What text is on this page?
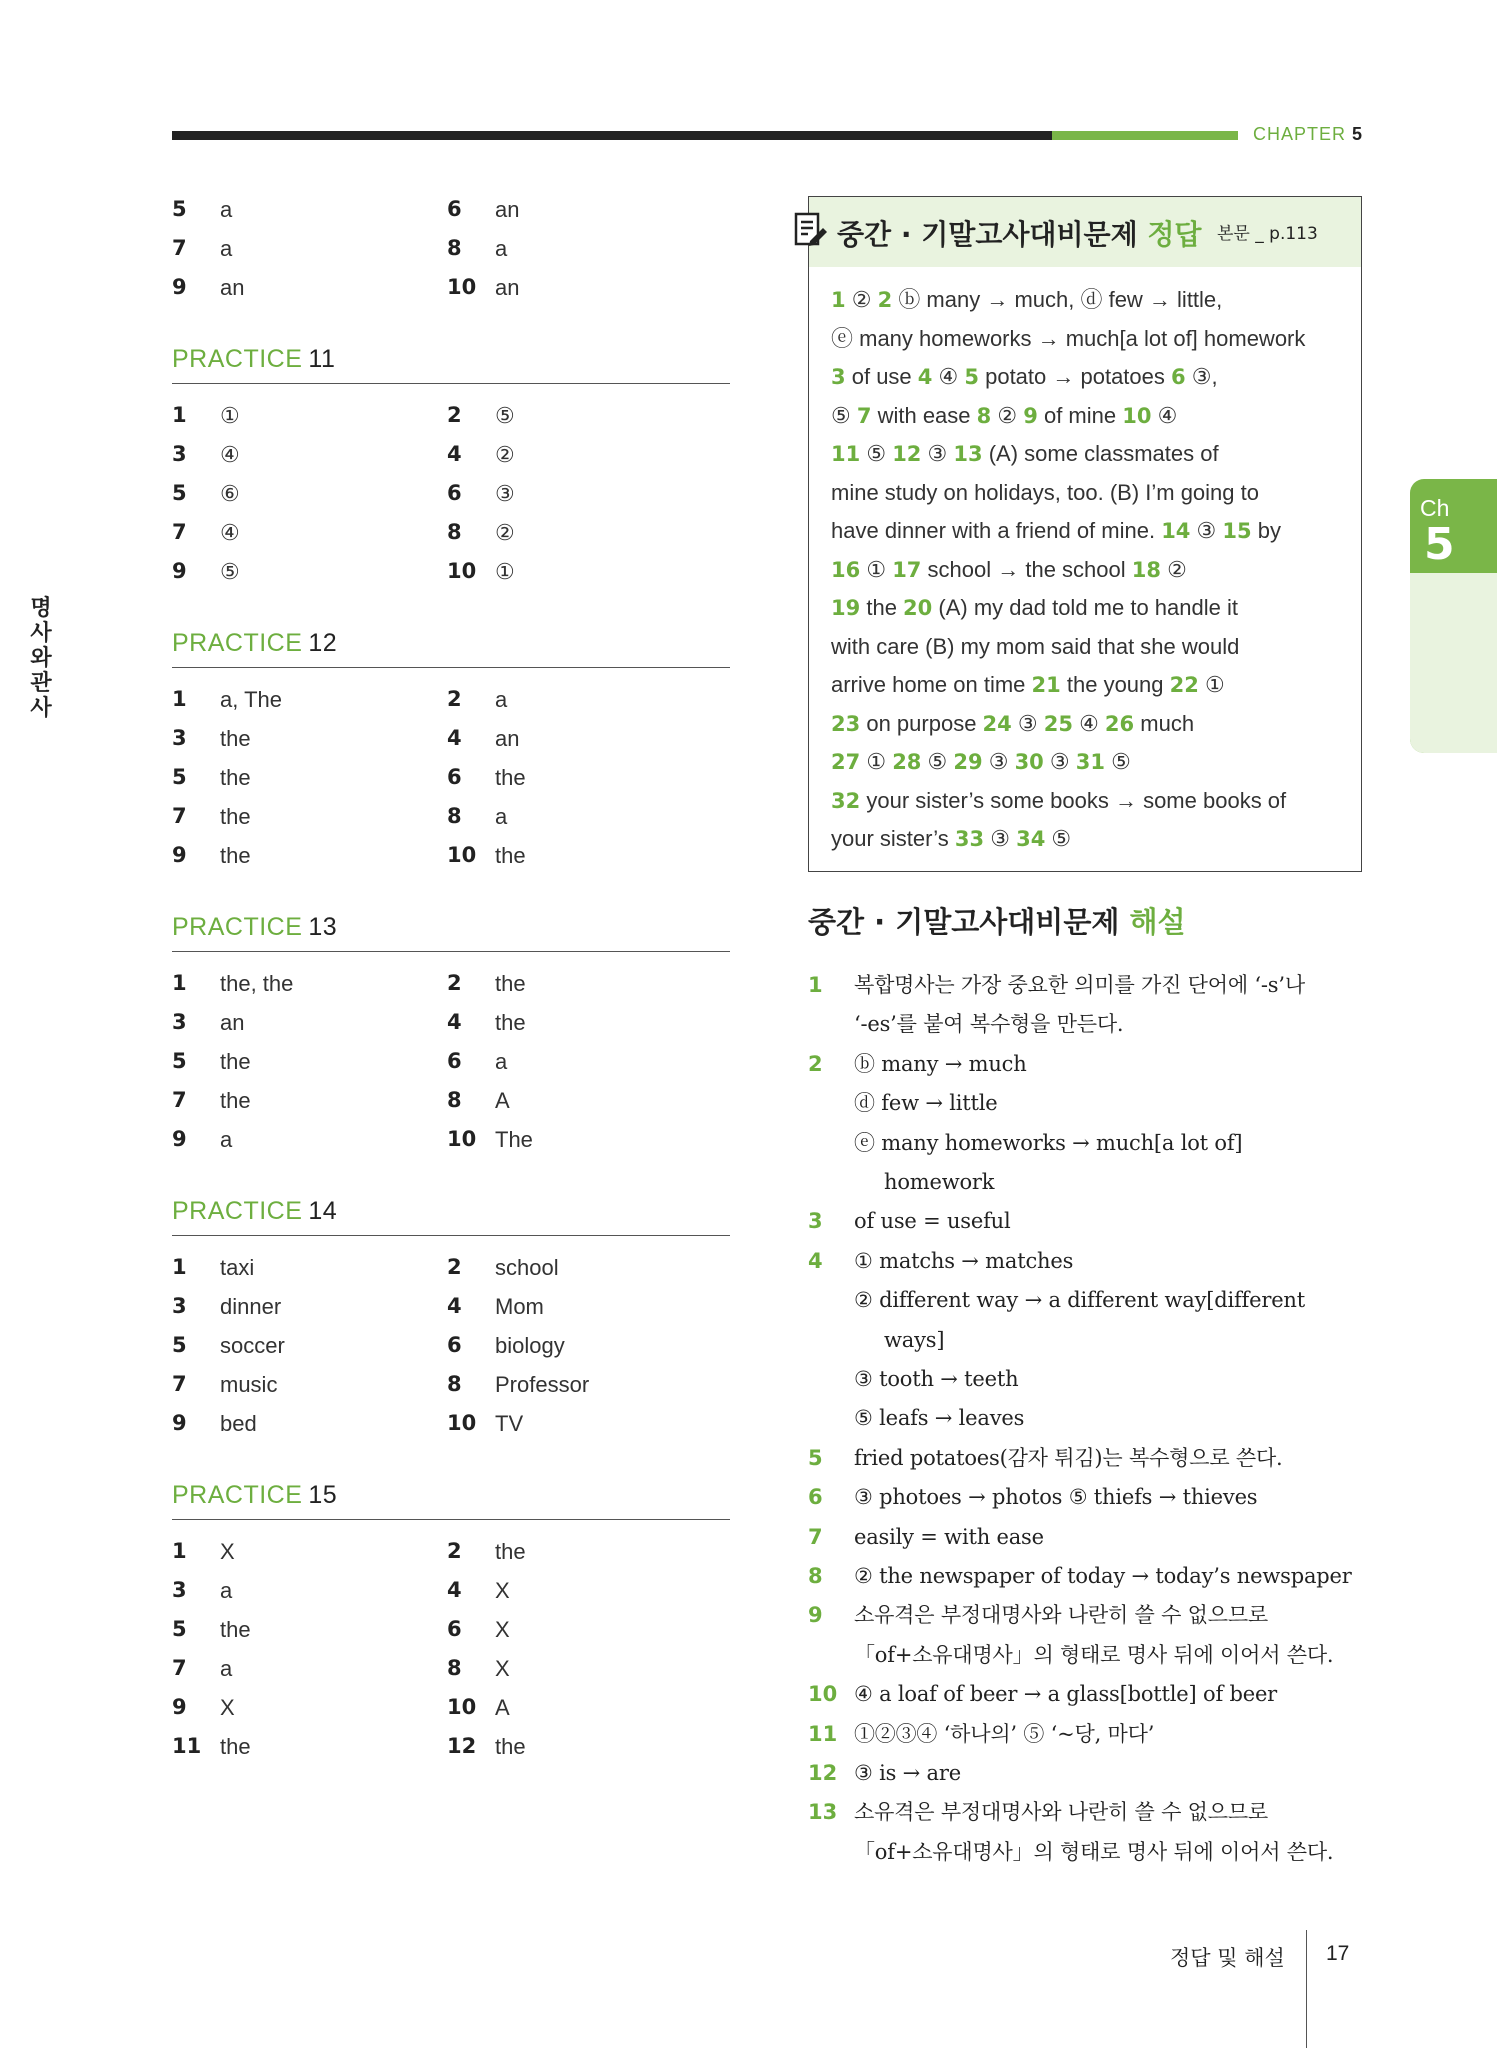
CHAPTER 5
5	a	6	an
7	a	8	a
9	an	10 an
PRACTICE 11
1	①	2	⑤
3	④	4	②
5	⑥	6	③
7	④	8	②
9	⑤	10 ①
PRACTICE 12
1	a, The	2	a
3	the	4	an
5	the	6	the
7	the	8	a
9	the	10 the
PRACTICE 13
1	the, the	2	the
3	an	4	the
5	the	6	a
7	the	8	A
9	a	10 The
PRACTICE 14
1	taxi	2	school
3	dinner	4	Mom
5	soccer	6	biology
7	music	8	Professor
9	bed	10 TV
PRACTICE 15
1	X	2	the
3	a	4	X
5	the	6	X
7	a	8	X
9	X	10 A
11 the	12 the
중간 · 기말고사대비문제 정답 본문 _ p.113
1 ② 2 ⓑ many → much, ⓓ few → little,
ⓔ many homeworks → much[a lot of] homework
3 of use 4 ④ 5 potato → potatoes 6 ③,
⑤ 7 with ease 8 ② 9 of mine 10 ④
11 ⑤ 12 ③ 13 (A) some classmates of
mine study on holidays, too. (B) I’m going to
have dinner with a friend of mine. 14 ③ 15 by
16 ① 17 school → the school 18 ②
19 the 20 (A) my dad told me to handle it
with care (B) my mom said that she would
arrive home on time 21 the young 22 ①
23 on purpose 24 ③ 25 ④ 26 much
27 ① 28 ⑤ 29 ③ 30 ③ 31 ⑤
32 your sister’s some books → some books of
your sister’s 33 ③ 34 ⑤
중간 · 기말고사대비문제 해설
1	복합명사는 가장 중요한 의미를 가진 단어에 ‘-s’나
‘-es’를 붙여 복수형을 만든다.
2	ⓑ many → much
ⓓ few → little
ⓔ many homeworks → much[a lot of]
homework
3	of use = useful
4	① matchs → matches
② different way → a different way[different
ways]
③ tooth → teeth
⑤ leafs → leaves
5	fried potatoes(감자 튀김)는 복수형으로 쓴다.
6	③ photoes → photos ⑤ thiefs → thieves
7	easily = with ease
8	② the newspaper of today → today’s newspaper
9	소유격은 부정대명사와 나란히 쓸 수 없으므로
「of+소유대명사」의 형태로 명사 뒤에 이어서 쓴다.
10 ④ a loaf of beer → a glass[bottle] of beer
11 ①②③④ ‘하나의’ ⑤ ‘~당, 마다’
12 ③ is → are
13 소유격은 부정대명사와 나란히 쓸 수 없으므로
「of+소유대명사」의 형태로 명사 뒤에 이어서 쓴다.
Ch
5
명
사
와
관
사
정답 및 해설 17
